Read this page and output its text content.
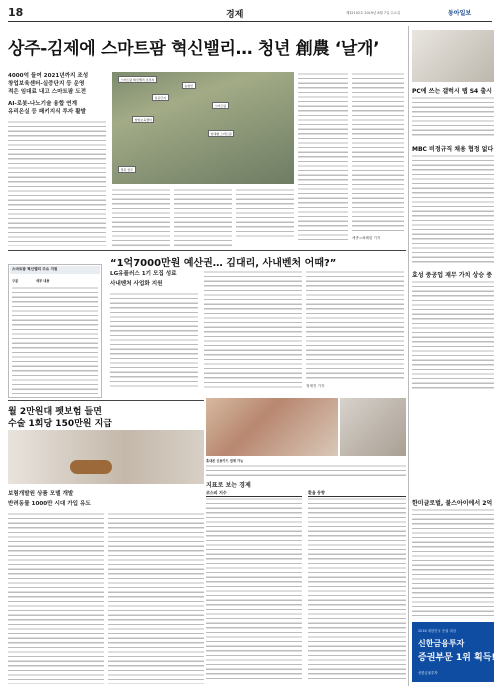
18	경제	제32192호 2019년 8월 7일 수요일	동아일보
상주-김제에 스마트팜 혁신밸리… 청년 創農 ‘날개’
4000억 들여 2021년까지 조성
창업보육센터-실증단지 등 운영
적은 임대료 내고 스마트팜 도전
AI-로봇-나노기술 융합 연계
유리온실 등 패키지식 투자 활발
스마트팜 혁신밸리 조성지
농업인
실증단지
스마트팜
창업보육센터
임대형 스마트팜
경북 상주
세종=최혜령 기자
PC에 쓰는 갤럭시 탭 S4 출시
MBC 비정규직 채용 협정 없다
효성 중공업 재무 가치 상승 중
한미글로벌, 불스아이에서 2억
스마트팜 혁신밸리 주요 지원
구분	세부 내용
“1억7000만원 예산권… 김대리, 사내벤처 어때?”
LG유플러스 1기 모집 성료
사내벤처 사업화 지원
정세진 기자
월 2만원대 펫보험 들면
수술 1회당 150만원 지급
보험개발원 상품 모델 개발
반려동물 1000만 시대 가입 유도
휴대폰 신용카드 결제 가능
지표로 보는 경제
코스피 지수	환율 동향
2018 대한민국 증권 대상
신한금융투자
증권부문 1위 획득!
신한금융투자
